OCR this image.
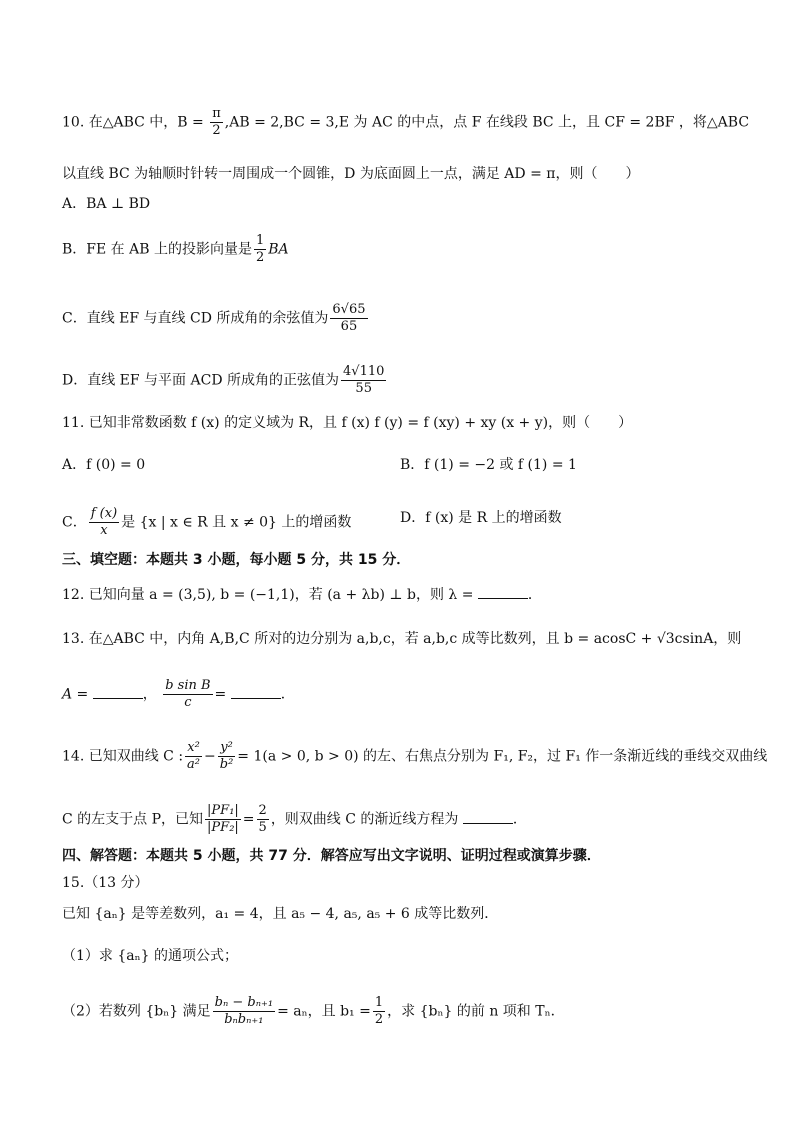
10. 在△ABC 中，$B = \frac{\pi}{2} ,AB = 2,BC = 3,E$ 为 AC 的中点，点 F 在线段 BC 上，且 CF = 2BF ，将△ABC
以直线 BC 为轴顺时针转一周围成一个圆锥，D 为底面圆上一点，满足 AD = π，则（　　）
A．BA ⊥ BD
B．FE 在 AB 上的投影向量是 $\frac{1}{2}$ BA
C．直线 EF 与直线 CD 所成角的余弦值为 $\frac{6√65}{65}$
D．直线 EF 与平面 ACD 所成角的正弦值为 $\frac{4√110}{55}$
11. 已知非常数函数 f (x) 的定义域为 R，且 f (x) f (y) = f (xy) + xy (x + y)，则（　　）
A．f (0) = 0	B．f (1) = −2 或 f (1) = 1
C． $\frac{f (x)}{x}$ 是 {x | x ∈ R 且 x ≠ 0} 上的增函数	D．f (x) 是 R 上的增函数
三、填空题：本题共 3 小题，每小题 5 分，共 15 分．
12. 已知向量 a = (3,5), b = (−1,1)，若 (a + λb) ⊥ b，则 λ =	．
13. 在△ABC 中，内角 A,B,C 所对的边分别为 a,b,c，若 a,b,c 成等比数列，且 b = acosC + √3csinA，则
A =	， $\frac{\text{b sin B}}{c}$ =	．
14. 已知双曲线 C : $\frac{\text{x²}}{\text{a²}} - \frac{\text{y²}}{\text{b²}} = 1(a > 0$, b > 0) 的左、右焦点分别为 F₁, F₂，过 F₁ 作一条渐近线的垂线交双曲线
C 的左支于点 P，已知 $\frac{\text{|PF₁|}}{\text{|PF₂|}} = \frac{2}{5}$ ，则双曲线 C 的渐近线方程为	．
四、解答题：本题共 5 小题，共 77 分．解答应写出文字说明、证明过程或演算步骤．
15.（13 分）
已知 {aₙ} 是等差数列，a₁ = 4，且 a₅ − 4, a₅, a₅ + 6 成等比数列．
（1）求 {aₙ} 的通项公式；
（2）若数列 {bₙ} 满足 $\frac{\text{bₙ − bₙ₊₁}}{\text{bₙbₙ₊₁}} = a_n$，且 $b_1 = \frac{1}{2}$ ，求 {bₙ} 的前 n 项和 Tₙ．
